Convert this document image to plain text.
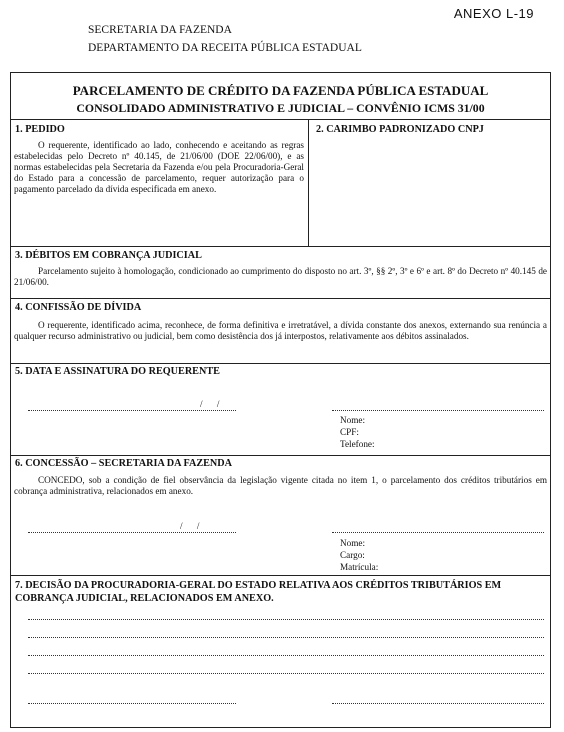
ANEXO L-19
SECRETARIA DA FAZENDA
DEPARTAMENTO DA RECEITA PÚBLICA ESTADUAL
PARCELAMENTO DE CRÉDITO DA FAZENDA PÚBLICA ESTADUAL
CONSOLIDADO ADMINISTRATIVO E JUDICIAL – CONVÊNIO ICMS 31/00
1. PEDIDO
O requerente, identificado ao lado, conhecendo e aceitando as regras estabelecidas pelo Decreto nº 40.145, de 21/06/00 (DOE 22/06/00), e as normas estabelecidas pela Secretaria da Fazenda e/ou pela Procuradoria-Geral do Estado para a concessão de parcelamento, requer autorização para o pagamento parcelado da dívida especificada em anexo.
2. CARIMBO PADRONIZADO CNPJ
3. DÉBITOS EM COBRANÇA JUDICIAL
Parcelamento sujeito à homologação, condicionado ao cumprimento do disposto no art. 3º, §§ 2º, 3º e 6º e art. 8º do Decreto nº 40.145 de 21/06/00.
4. CONFISSÃO DE DÍVIDA
O requerente, identificado acima, reconhece, de forma definitiva e irretratável, a dívida constante dos anexos, externando sua renúncia a qualquer recurso administrativo ou judicial, bem como desistência dos já interpostos, relativamente aos débitos assinalados.
5. DATA E ASSINATURA DO REQUERENTE
/ /
Nome:
CPF:
Telefone:
6. CONCESSÃO – SECRETARIA DA FAZENDA
CONCEDO, sob a condição de fiel observância da legislação vigente citada no item 1, o parcelamento dos créditos tributários em cobrança administrativa, relacionados em anexo.
/ /
Nome:
Cargo:
Matrícula:
7. DECISÃO DA PROCURADORIA-GERAL DO ESTADO RELATIVA AOS CRÉDITOS TRIBUTÁRIOS EM COBRANÇA JUDICIAL, RELACIONADOS EM ANEXO.
